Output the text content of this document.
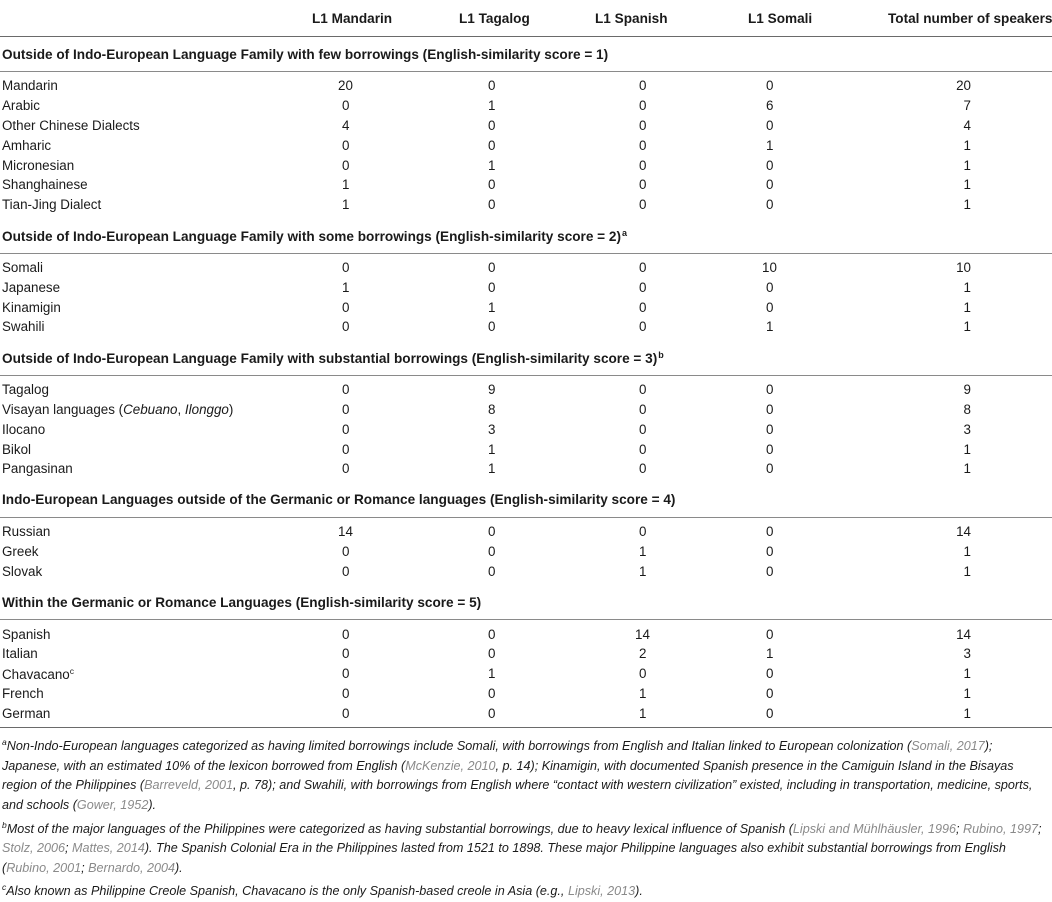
	L1 Mandarin	L1 Tagalog	L1 Spanish	L1 Somali	Total number of speakers
Outside of Indo-European Language Family with few borrowings (English-similarity score = 1)					

Mandarin	20	0	0	0	20
Arabic	0	1	0	6	7
Other Chinese Dialects	4	0	0	0	4
Amharic	0	0	0	1	1
Micronesian	0	1	0	0	1
Shanghainese	1	0	0	0	1
Tian-Jing Dialect	1	0	0	0	1

Outside of Indo-European Language Family with some borrowings (English-similarity score = 2)$^a$

Somali	0	0	0	10	10
Japanese	1	0	0	0	1
Kinamigin	0	1	0	0	1
Swahili	0	0	0	1	1

Outside of Indo-European Language Family with substantial borrowings (English-similarity score = 3)$^b$

Tagalog	0	9	0	0	9
Visayan languages (Cebuano, Ilonggo)	0	8	0	0	8
Ilocano	0	3	0	0	3
Bikol	0	1	0	0	1
Pangasinan	0	1	0	0	1

Indo-European Languages outside of the Germanic or Romance languages (English-similarity score = 4)					

Russian	14	0	0	0	14
Greek	0	0	1	0	1
Slovak	0	0	1	0	1

Within the Germanic or Romance Languages (English-similarity score = 5)					

Spanish	0	0	14	0	14
Italian	0	0	2	1	3
Chavacano$^c$	0	1	0	0	1
French	0	0	1	0	1
German	0	0	1	0	1

$^a$Non-Indo-European languages categorized as having limited borrowings include Somali, with borrowings from English and Italian linked to European colonization (Somali, 2017); Japanese, with an estimated 10% of the lexicon borrowed from English (McKenzie, 2010, p. 14); Kinamigin, with documented Spanish presence in the Camiguin Island in the Bisayas region of the Philippines (Barreveld, 2001, p. 78); and Swahili, with borrowings from English where “contact with western civilization” existed, including in transportation, medicine, sports, and schools (Gower, 1952).

$^b$Most of the major languages of the Philippines were categorized as having substantial borrowings, due to heavy lexical influence of Spanish (Lipski and Mühlhäusler, 1996; Rubino, 1997; Stolz, 2006; Mattes, 2014). The Spanish Colonial Era in the Philippines lasted from 1521 to 1898. These major Philippine languages also exhibit substantial borrowings from English (Rubino, 2001; Bernardo, 2004).

$^c$Also known as Philippine Creole Spanish, Chavacano is the only Spanish-based creole in Asia (e.g., Lipski, 2013).
